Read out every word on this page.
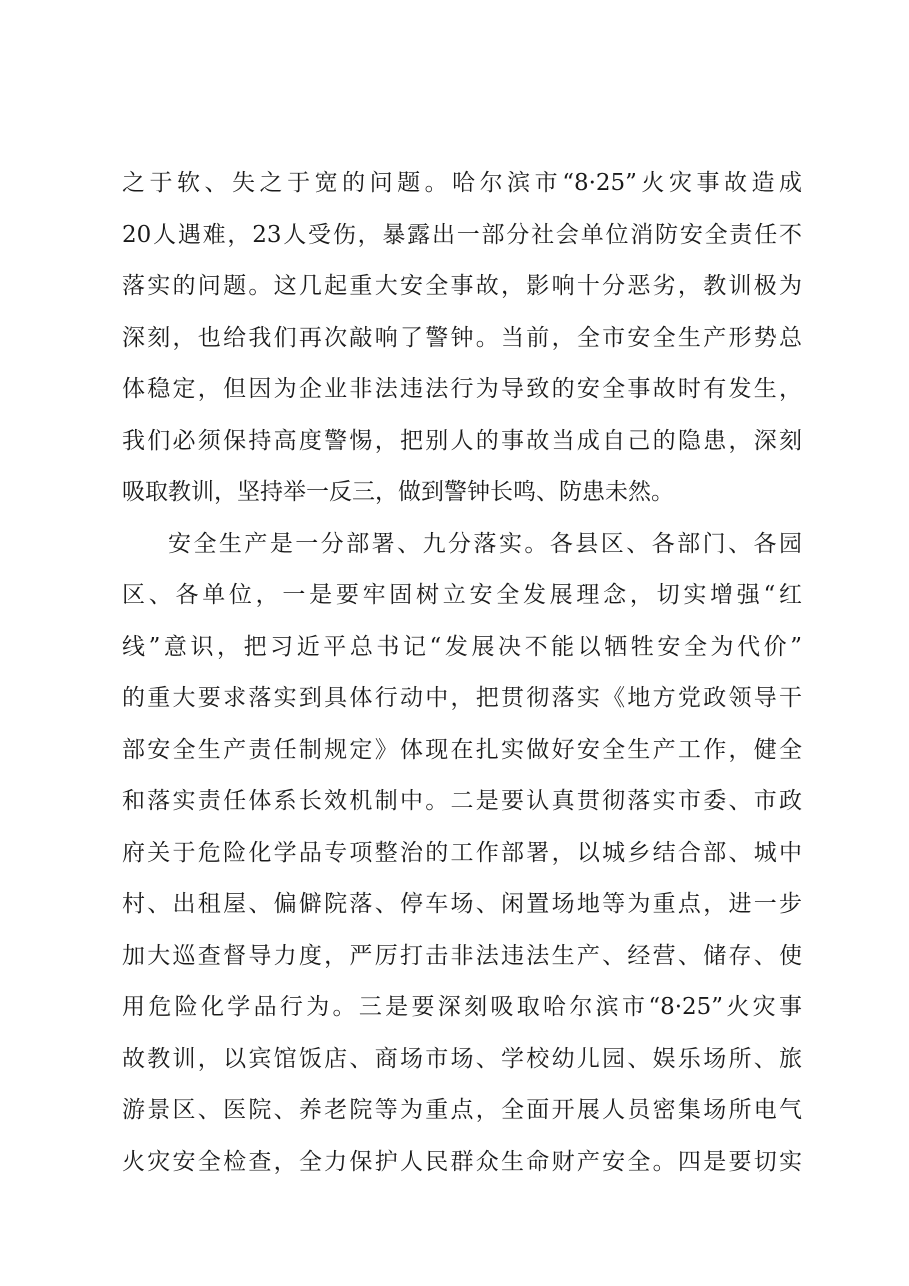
之于软、失之于宽的问题。哈尔滨市“8·25”火灾事故造成
20人遇难，23人受伤，暴露出一部分社会单位消防安全责任不
落实的问题。这几起重大安全事故，影响十分恶劣，教训极为
深刻，也给我们再次敲响了警钟。当前，全市安全生产形势总
体稳定，但因为企业非法违法行为导致的安全事故时有发生，
我们必须保持高度警惕，把别人的事故当成自己的隐患，深刻
吸取教训，坚持举一反三，做到警钟长鸣、防患未然。
安全生产是一分部署、九分落实。各县区、各部门、各园
区、各单位，一是要牢固树立安全发展理念，切实增强“红
线”意识，把习近平总书记“发展决不能以牺牲安全为代价”
的重大要求落实到具体行动中，把贯彻落实《地方党政领导干
部安全生产责任制规定》体现在扎实做好安全生产工作，健全
和落实责任体系长效机制中。二是要认真贯彻落实市委、市政
府关于危险化学品专项整治的工作部署，以城乡结合部、城中
村、出租屋、偏僻院落、停车场、闲置场地等为重点，进一步
加大巡查督导力度，严厉打击非法违法生产、经营、储存、使
用危险化学品行为。三是要深刻吸取哈尔滨市“8·25”火灾事
故教训，以宾馆饭店、商场市场、学校幼儿园、娱乐场所、旅
游景区、医院、养老院等为重点，全面开展人员密集场所电气
火灾安全检查，全力保护人民群众生命财产安全。四是要切实
